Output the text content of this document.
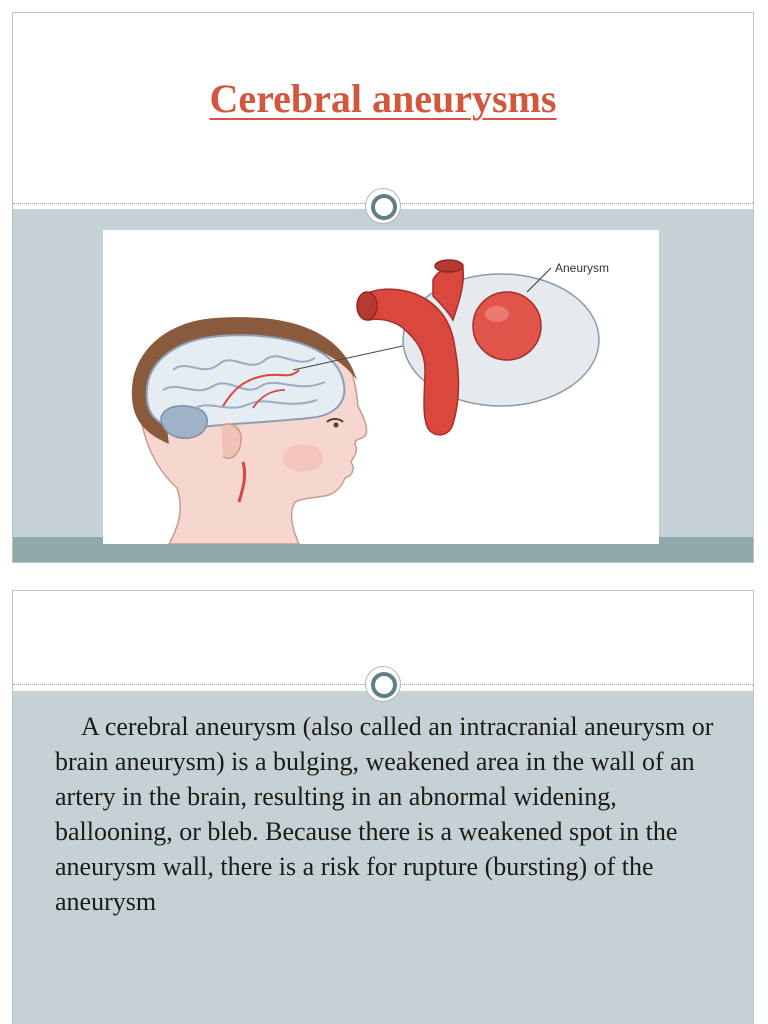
Cerebral aneurysms
Aneurysm

A cerebral aneurysm (also called an intracranial aneurysm or brain aneurysm) is a bulging, weakened area in the wall of an artery in the brain, resulting in an abnormal widening, ballooning, or bleb. Because there is a weakened spot in the aneurysm wall, there is a risk for rupture (bursting) of the aneurysm
